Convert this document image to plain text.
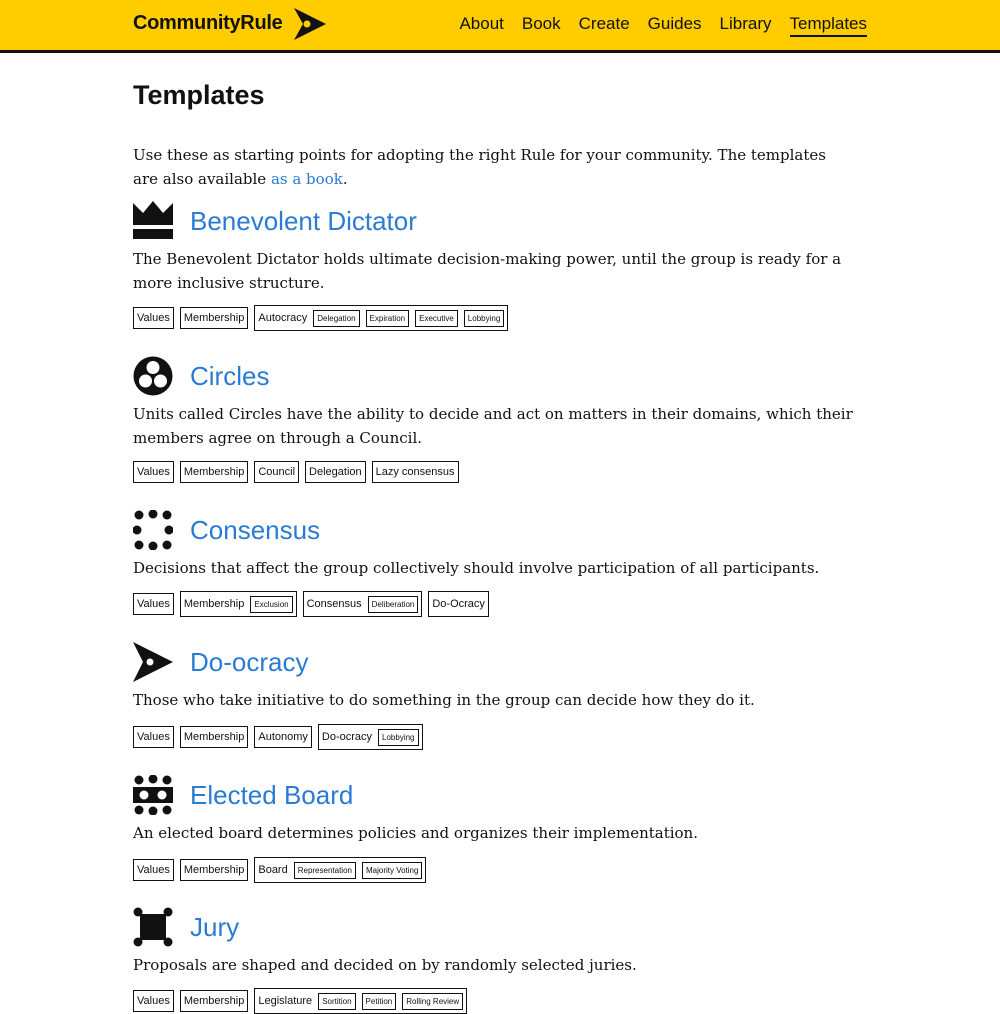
CommunityRule	About Book Create Guides Library Templates
Templates

Use these as starting points for adopting the right Rule for your community. The templates are also available as a book.

Benevolent Dictator

The Benevolent Dictator holds ultimate decision-making power, until the group is ready for a more inclusive structure.

Values	Membership	Autocracy	Delegation	Expiration	Executive	Lobbying
Circles

Units called Circles have the ability to decide and act on matters in their domains, which their members agree on through a Council.

Values	Membership	Council	Delegation	Lazy consensus
Consensus

Decisions that affect the group collectively should involve participation of all participants.

Values	Membership	Exclusion	Consensus	Deliberation	Do-Ocracy
Do-ocracy

Those who take initiative to do something in the group can decide how they do it.

Values	Membership	Autonomy	Do-ocracy	Lobbying
Elected Board

An elected board determines policies and organizes their implementation.

Values	Membership	Board	Representation	Majority Voting
Jury

Proposals are shaped and decided on by randomly selected juries.

Values	Membership	Legislature	Sortition	Petition	Rolling Review
